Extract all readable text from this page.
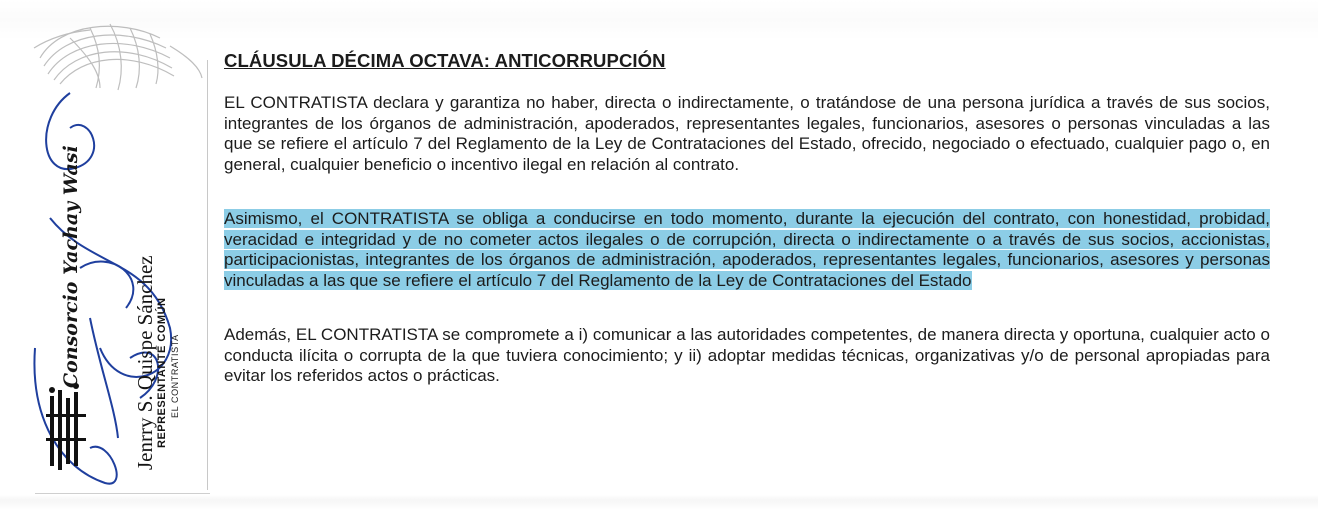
Consorcio Yachay Wasi Jenrry S. Quispe Sánchez REPRESENTANTE COMÚN EL CONTRATISTA
CLÁUSULA DÉCIMA OCTAVA: ANTICORRUPCIÓN

EL CONTRATISTA declara y garantiza no haber, directa o indirectamente, o tratándose de una persona jurídica a través de sus socios, integrantes de los órganos de administración, apoderados, representantes legales, funcionarios, asesores o personas vinculadas a las que se refiere el artículo 7 del Reglamento de la Ley de Contrataciones del Estado, ofrecido, negociado o efectuado, cualquier pago o, en general, cualquier beneficio o incentivo ilegal en relación al contrato.

Asimismo, el CONTRATISTA se obliga a conducirse en todo momento, durante la ejecución del contrato, con honestidad, probidad, veracidad e integridad y de no cometer actos ilegales o de corrupción, directa o indirectamente o a través de sus socios, accionistas, participacionistas, integrantes de los órganos de administración, apoderados, representantes legales, funcionarios, asesores y personas vinculadas a las que se refiere el artículo 7 del Reglamento de la Ley de Contrataciones del Estado

Además, EL CONTRATISTA se compromete a i) comunicar a las autoridades competentes, de manera directa y oportuna, cualquier acto o conducta ilícita o corrupta de la que tuviera conocimiento; y ii) adoptar medidas técnicas, organizativas y/o de personal apropiadas para evitar los referidos actos o prácticas.
